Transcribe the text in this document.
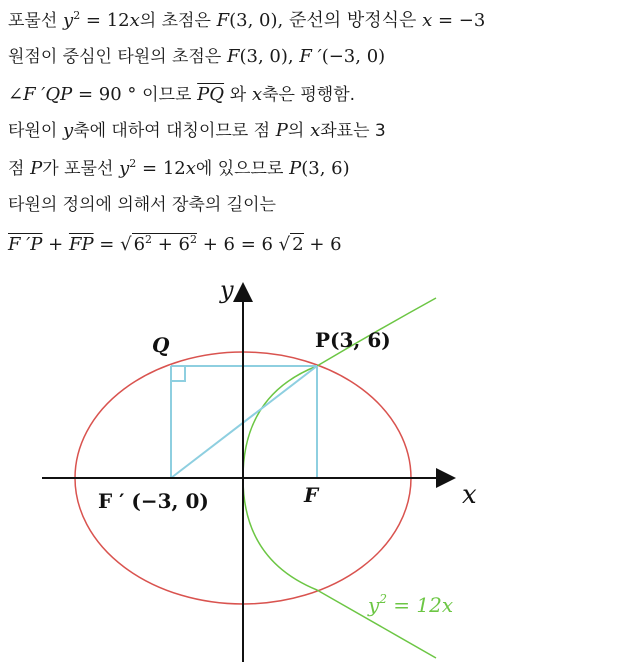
포물선 $y^2 = 12x$의 초점은 F(3, 0), 준선의 방정식은 x = −3
원점이 중심인 타원의 초점은 F(3, 0), F ′(−3, 0)
∠F ′QP = 90 ° 이므로 $\overline{PQ}$ 와 x축은 평행함.
타원이 y축에 대하여 대칭이므로 점 P의 x좌표는 3
점 P가 포물선 $y^2 = 12x$에 있으므로 P(3, 6)
타원의 정의에 의해서 장축의 길이는
F $'P + \overline{FP}$ = √ $6^2 + 6^2 + 6 = 6$ √ 2 + 6
y
x
Q	P(3, 6)
F ′ (−3, 0)	F
$y^2 = 12x$
